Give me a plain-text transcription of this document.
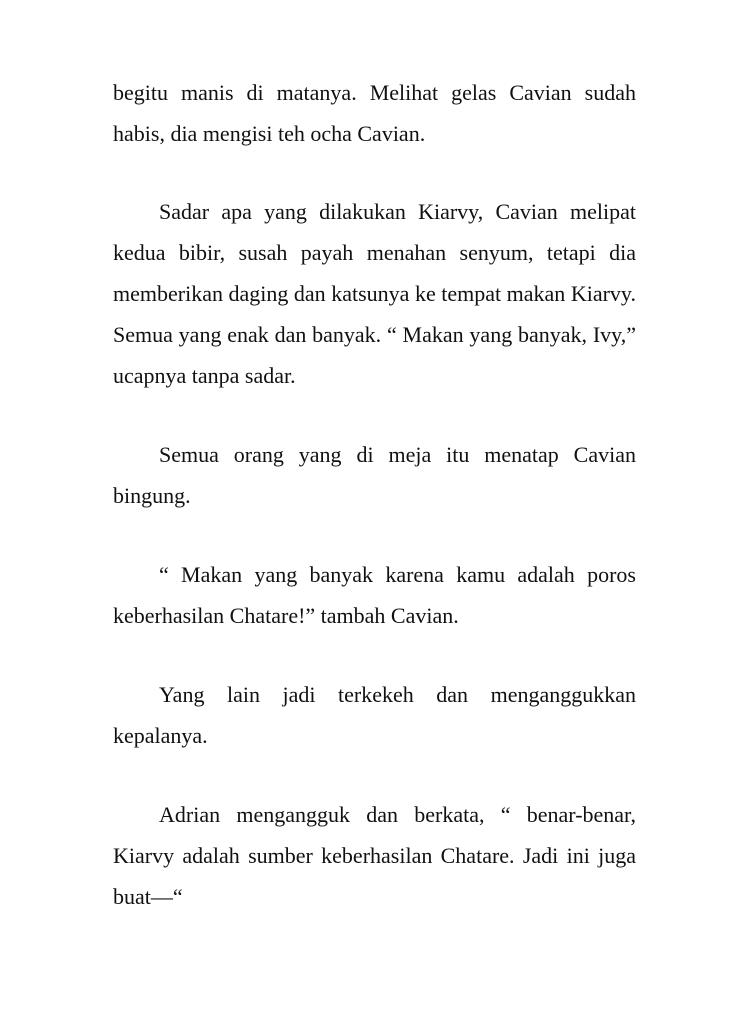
begitu manis di matanya. Melihat gelas Cavian sudah habis, dia mengisi teh ocha Cavian.

Sadar apa yang dilakukan Kiarvy, Cavian melipat kedua bibir, susah payah menahan senyum, tetapi dia memberikan daging dan katsunya ke tempat makan Kiarvy. Semua yang enak dan banyak. “ Makan yang banyak, Ivy,” ucapnya tanpa sadar.

Semua orang yang di meja itu menatap Cavian bingung.

“ Makan yang banyak karena kamu adalah poros keberhasilan Chatare!” tambah Cavian.

Yang lain jadi terkekeh dan menganggukkan kepalanya.

Adrian mengangguk dan berkata, “ benar-benar, Kiarvy adalah sumber keberhasilan Chatare. Jadi ini juga buat—“
